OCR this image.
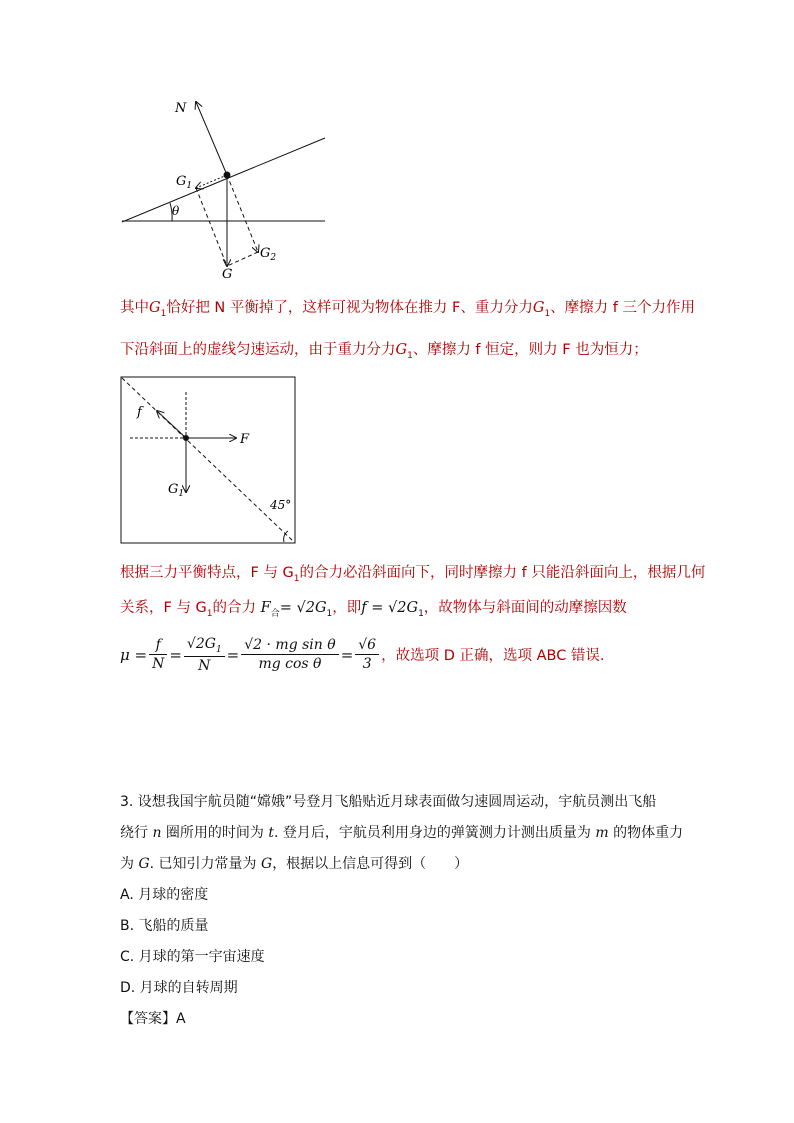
N
$G_1$
θ
G
$G_2$
其中$G_1$恰好把 N 平衡掉了，这样可视为物体在推力 F、重力分力$G_1$、摩擦力 f 三个力作用
下沿斜面上的虚线匀速运动，由于重力分力$G_1$、摩擦力 f 恒定，则力 F 也为恒力；
f
F
$G_1$
45°
根据三力平衡特点，F 与 $G_1$的合力必沿斜面向下，同时摩擦力 f 只能沿斜面向上，根据几何
关系，F 与 $G_1$的合力 $F_合= √2G_1$，即$f = √2G_1$，故物体与斜面间的动摩擦因数
$\mu = \frac{f}{N} = \frac{√2G_1}{N} = \frac{\text{√2 · mg sin θ}}{\text{mg cos θ}} = \frac{√6}{3}$ ，故选项 D 正确，选项 ABC 错误.
3. 设想我国宇航员随“嫦娥”号登月飞船贴近月球表面做匀速圆周运动，宇航员测出飞船
绕行 n 圈所用的时间为 t. 登月后，宇航员利用身边的弹簧测力计测出质量为 m 的物体重力
为 G. 已知引力常量为 G，根据以上信息可得到（　　）
A. 月球的密度
B. 飞船的质量
C. 月球的第一宇宙速度
D. 月球的自转周期
【答案】A
